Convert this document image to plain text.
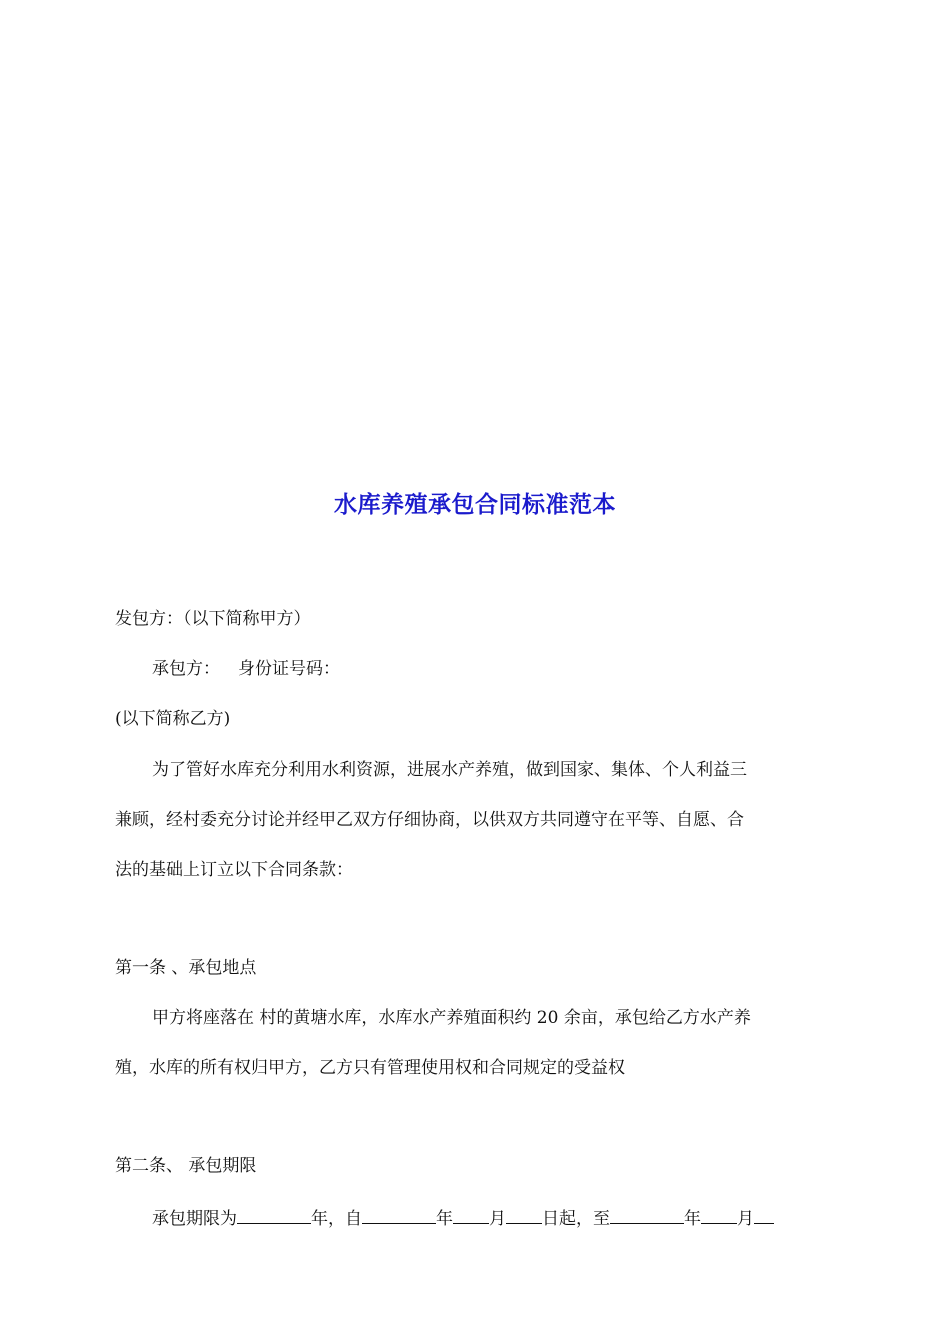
水库养殖承包合同标准范本
发包方：（以下简称甲方）
承包方： 身份证号码：
(以下简称乙方)
为了管好水库充分利用水利资源，进展水产养殖，做到国家、集体、个人利益三
兼顾，经村委充分讨论并经甲乙双方仔细协商，以供双方共同遵守在平等、自愿、合
法的基础上订立以下合同条款：
第一条 、承包地点
甲方将座落在 村的黄塘水库，水库水产养殖面积约 20 余亩，承包给乙方水产养
殖，水库的所有权归甲方，乙方只有管理使用权和合同规定的受益权
第二条、 承包期限
承包期限为	年，自	年 月 日起，至	年 月
